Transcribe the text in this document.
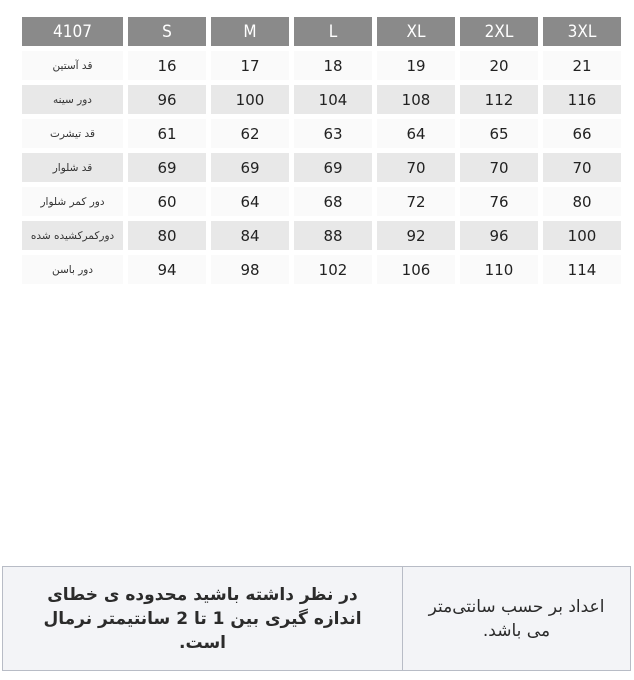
4107	S	M	L	XL	2XL	3XL
قد آستین	16	17	18	19	20	21
دور سینه	96	100	104	108	112	116
قد تیشرت	61	62	63	64	65	66
قد شلوار	69	69	69	70	70	70
دور کمر شلوار	60	64	68	72	76	80
دورکمرکشیده شده	80	84	88	92	96	100
دور باسن	94	98	102	106	110	114
در نظر داشته باشید محدوده ی خطای اندازه گیری بین 1 تا 2 سانتیمتر نرمال است.
اعداد بر حسب سانتی‌متر می باشد.
